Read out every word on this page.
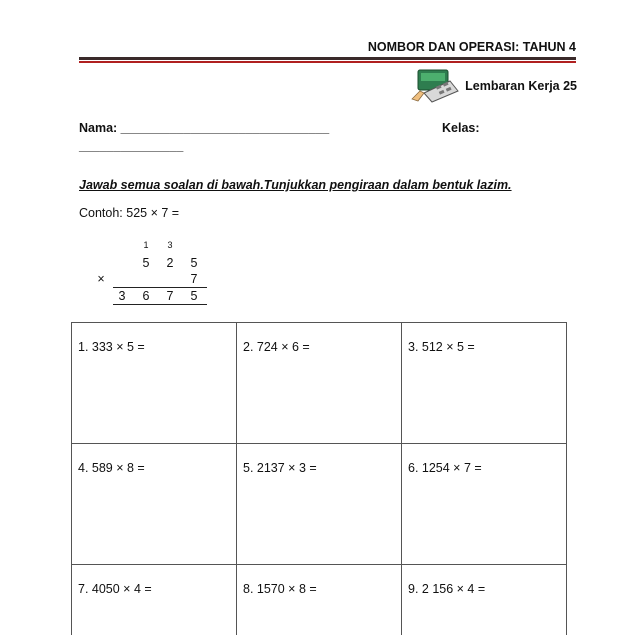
NOMBOR DAN OPERASI: TAHUN 4
Lembaran Kerja 25
Nama: ______________________________	Kelas:
_______________
Jawab semua soalan di bawah.Tunjukkan pengiraan dalam bentuk lazim.
Contoh: 525 × 7 =
1	3
5 2 5
×	7
3 6 7 5
1. 333 × 5 =	2. 724 × 6 =	3. 512 × 5 =
4. 589 × 8 =	5. 2137 × 3 =	6. 1254 × 7 =
7. 4050 × 4 =	8. 1570 × 8 =	9. 2 156 × 4 =
